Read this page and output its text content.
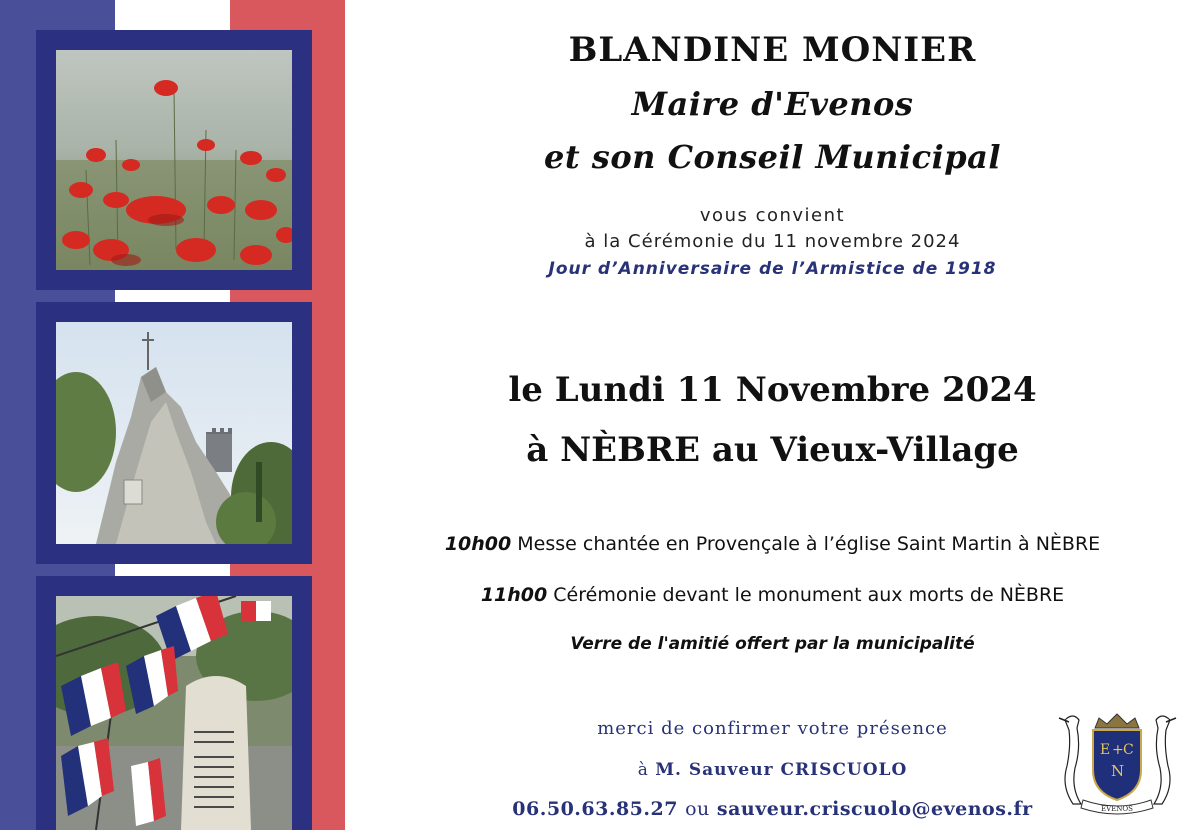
BLANDINE MONIER
Maire d'Evenos
et son Conseil Municipal
vous convient
à la Cérémonie du 11 novembre 2024
Jour d’Anniversaire de l’Armistice de 1918
le Lundi 11 Novembre 2024
à NÈBRE au Vieux-Village
10h00 Messe chantée en Provençale à l’église Saint Martin à NÈBRE
11h00 Cérémonie devant le monument aux morts de NÈBRE
Verre de l'amitié offert par la municipalité
merci de confirmer votre présence
à M. Sauveur CRISCUOLO
06.50.63.85.27 ou sauveur.criscuolo@evenos.fr
E + C
N
EVENOS
